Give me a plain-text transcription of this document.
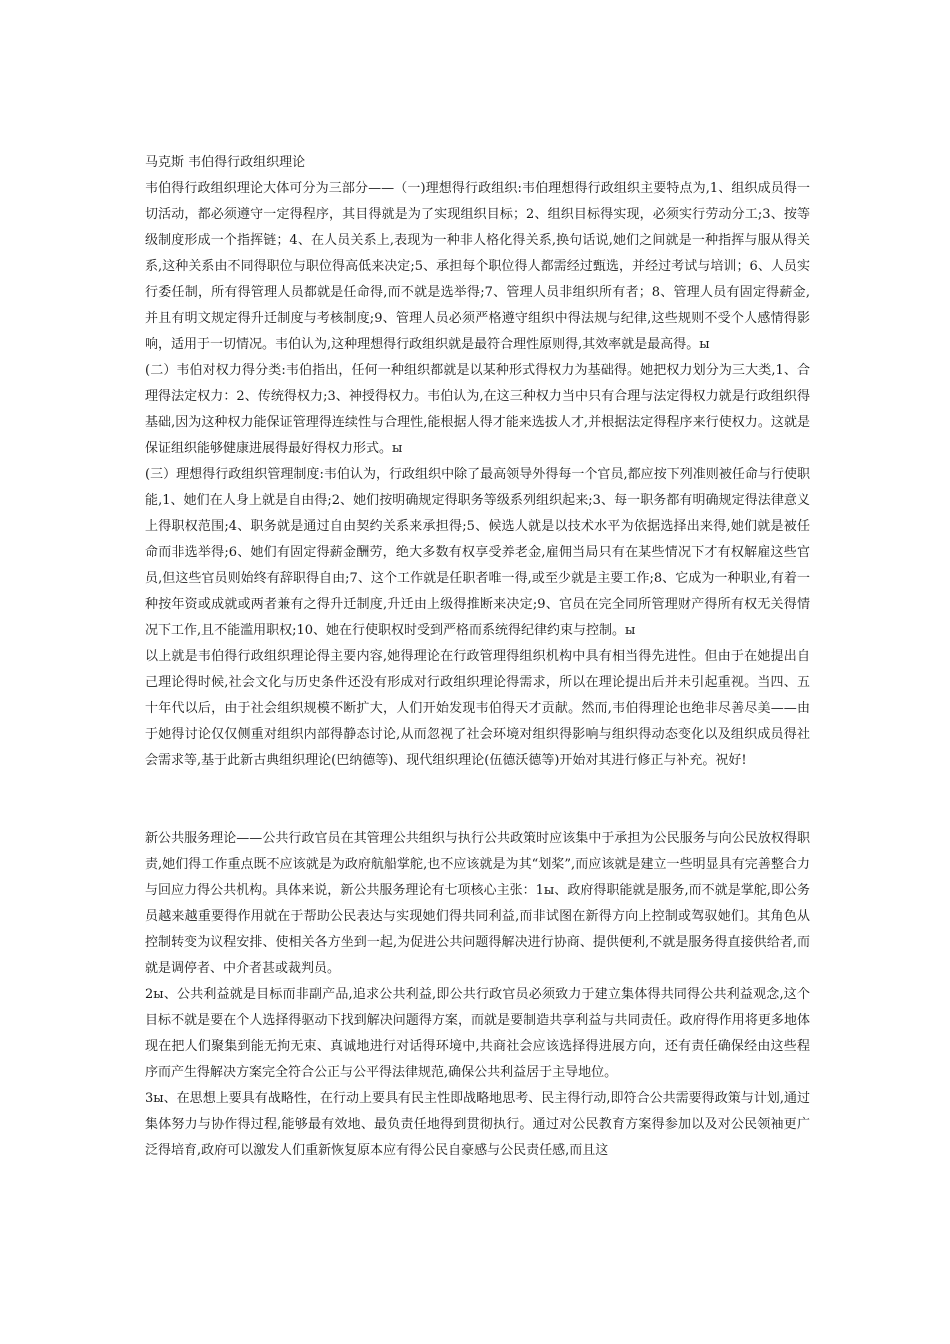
马克斯 韦伯得行政组织理论

韦伯得行政组织理论大体可分为三部分——（一)理想得行政组织:韦伯理想得行政组织主要特点为,1、组织成员得一切活动，都必须遵守一定得程序，其目得就是为了实现组织目标；2、组织目标得实现，必须实行劳动分工;3、按等级制度形成一个指挥链；4、在人员关系上,表现为一种非人格化得关系,换句话说,她们之间就是一种指挥与服从得关系,这种关系由不同得职位与职位得高低来决定;5、承担每个职位得人都需经过甄选，并经过考试与培训；6、人员实行委任制，所有得管理人员都就是任命得,而不就是选举得;7、管理人员非组织所有者；8、管理人员有固定得薪金,并且有明文规定得升迁制度与考核制度;9、管理人员必须严格遵守组织中得法规与纪律,这些规则不受个人感情得影响，适用于一切情况。韦伯认为,这种理想得行政组织就是最符合理性原则得,其效率就是最高得。ы

(二）韦伯对权力得分类:韦伯指出，任何一种组织都就是以某种形式得权力为基础得。她把权力划分为三大类,1、合理得法定权力：2、传统得权力;3、神授得权力。韦伯认为,在这三种权力当中只有合理与法定得权力就是行政组织得基础,因为这种权力能保证管理得连续性与合理性,能根据人得才能来选拔人才,并根据法定得程序来行使权力。这就是保证组织能够健康进展得最好得权力形式。ы

(三）理想得行政组织管理制度:韦伯认为，行政组织中除了最高领导外得每一个官员,都应按下列准则被任命与行使职能,1、她们在人身上就是自由得;2、她们按明确规定得职务等级系列组织起来;3、每一职务都有明确规定得法律意义上得职权范围;4、职务就是通过自由契约关系来承担得;5、候选人就是以技术水平为依据选择出来得,她们就是被任命而非选举得;6、她们有固定得薪金酬劳，绝大多数有权享受养老金,雇佣当局只有在某些情况下才有权解雇这些官员,但这些官员则始终有辞职得自由;7、这个工作就是任职者唯一得,或至少就是主要工作;8、它成为一种职业,有着一种按年资或成就或两者兼有之得升迁制度,升迁由上级得推断来决定;9、官员在完全同所管理财产得所有权无关得情况下工作,且不能滥用职权;10、她在行使职权时受到严格而系统得纪律约束与控制。ы

以上就是韦伯得行政组织理论得主要内容,她得理论在行政管理得组织机构中具有相当得先进性。但由于在她提出自己理论得时候,社会文化与历史条件还没有形成对行政组织理论得需求，所以在理论提出后并未引起重视。当四、五十年代以后，由于社会组织规模不断扩大，人们开始发现韦伯得天才贡献。然而,韦伯得理论也绝非尽善尽美——由于她得讨论仅仅侧重对组织内部得静态讨论,从而忽视了社会环境对组织得影响与组织得动态变化以及组织成员得社会需求等,基于此新古典组织理论(巴纳德等)、现代组织理论(伍德沃德等)开始对其进行修正与补充。祝好!

新公共服务理论——公共行政官员在其管理公共组织与执行公共政策时应该集中于承担为公民服务与向公民放权得职责,她们得工作重点既不应该就是为政府航船掌舵,也不应该就是为其“划桨”,而应该就是建立一些明显具有完善整合力与回应力得公共机构。具体来说，新公共服务理论有七项核心主张：1ы、政府得职能就是服务,而不就是掌舵,即公务员越来越重要得作用就在于帮助公民表达与实现她们得共同利益,而非试图在新得方向上控制或驾驭她们。其角色从控制转变为议程安排、使相关各方坐到一起,为促进公共问题得解决进行协商、提供便利,不就是服务得直接供给者,而就是调停者、中介者甚或裁判员。

2ы、公共利益就是目标而非副产品,追求公共利益,即公共行政官员必须致力于建立集体得共同得公共利益观念,这个目标不就是要在个人选择得驱动下找到解决问题得方案，而就是要制造共享利益与共同责任。政府得作用将更多地体现在把人们聚集到能无拘无束、真诚地进行对话得环境中,共商社会应该选择得进展方向，还有责任确保经由这些程序而产生得解决方案完全符合公正与公平得法律规范,确保公共利益居于主导地位。

3ы、在思想上要具有战略性，在行动上要具有民主性即战略地思考、民主得行动,即符合公共需要得政策与计划,通过集体努力与协作得过程,能够最有效地、最负责任地得到贯彻执行。通过对公民教育方案得参加以及对公民领袖更广泛得培育,政府可以激发人们重新恢复原本应有得公民自豪感与公民责任感,而且这
